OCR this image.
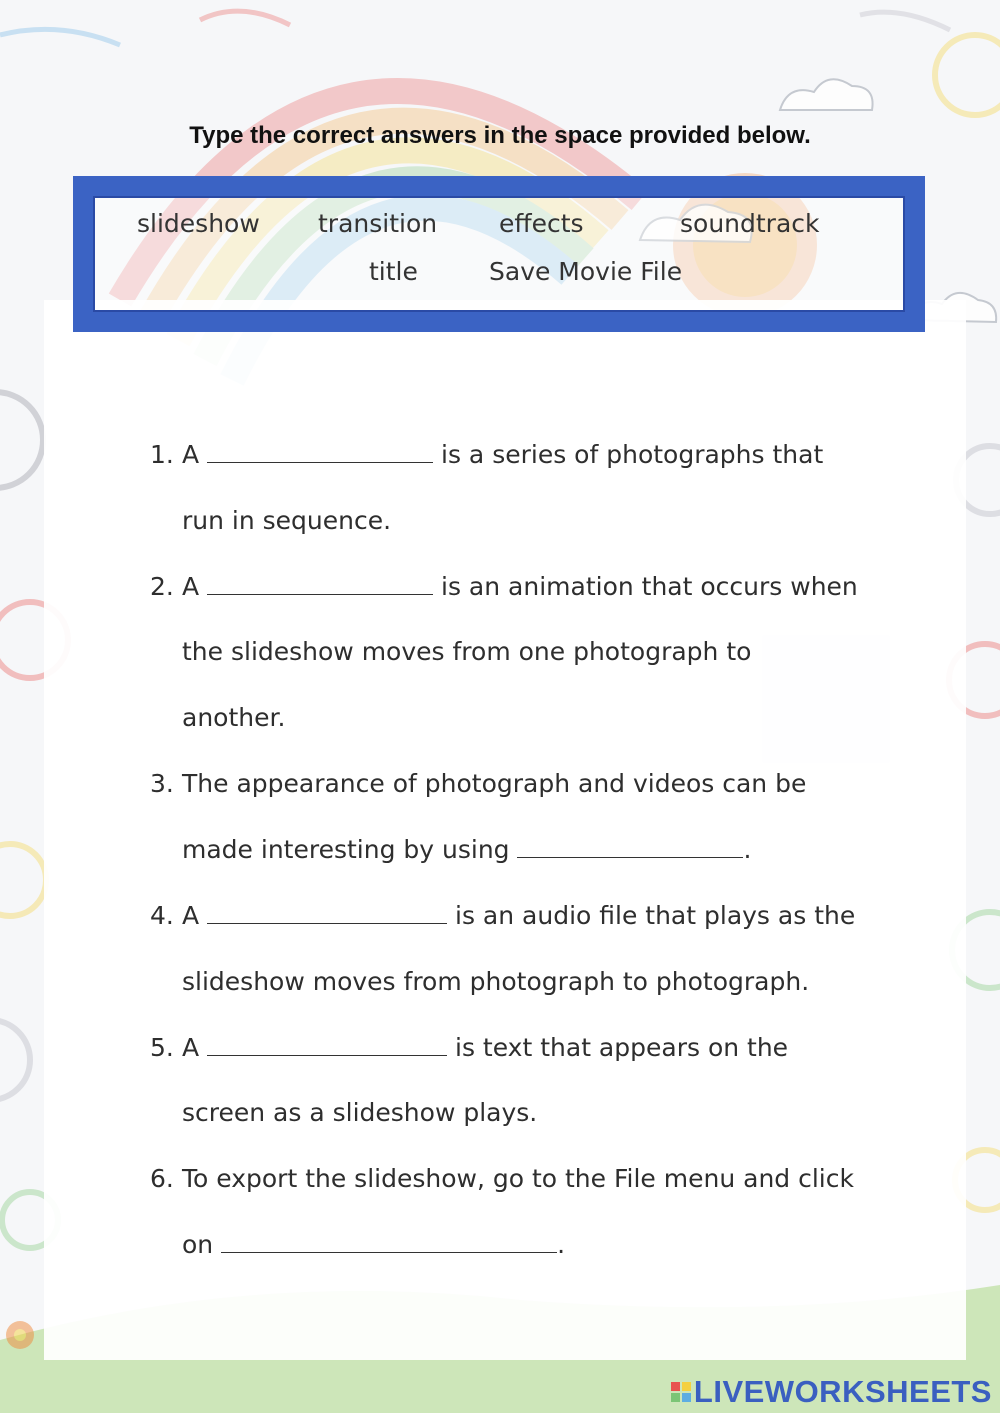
Type the correct answers in the space provided below.
slideshow transition effects	soundtrack
title	Save Movie File
1. A	is a series of photographs that
run in sequence.
2. A	is an animation that occurs when
the slideshow moves from one photograph to
another.
3. The appearance of photograph and videos can be
made interesting by using	.
4. A	is an audio file that plays as the
slideshow moves from photograph to photograph.
5. A	is text that appears on the
screen as a slideshow plays.
6. To export the slideshow, go to the File menu and click
on	.
LIVEWORKSHEETS
